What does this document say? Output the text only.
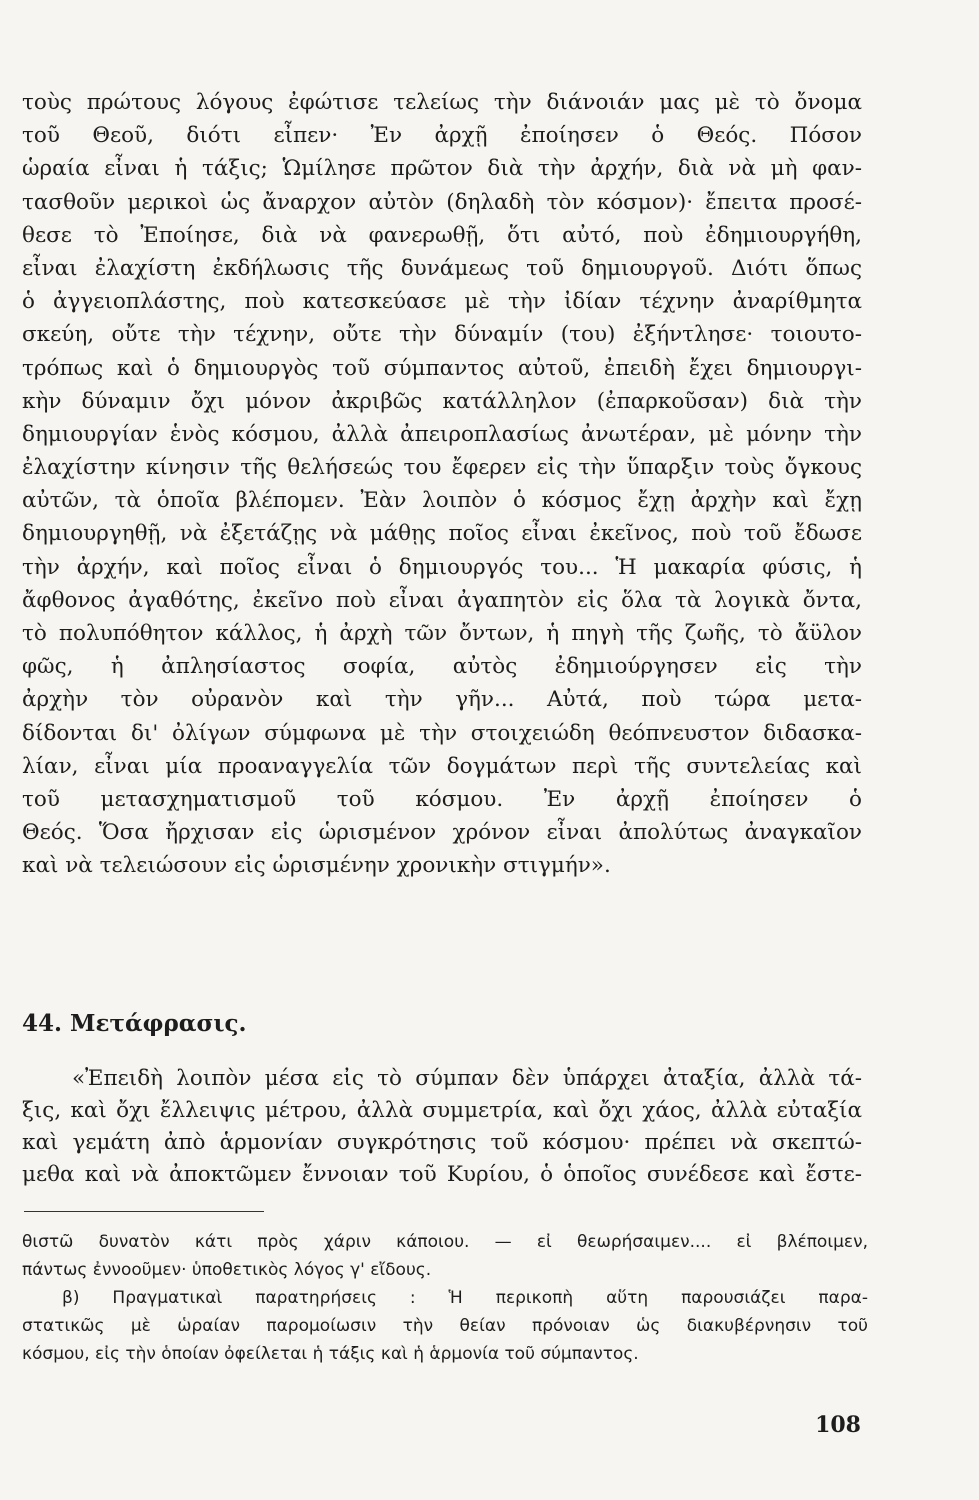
τοὺς πρώτους λόγους ἐφώτισε τελείως τὴν διάνοιάν μας μὲ τὸ ὄνομα
τοῦ Θεοῦ, διότι εἶπεν· Ἐν ἀρχῇ ἐποίησεν ὁ Θεός. Πόσον
ὡραία εἶναι ἡ τάξις; Ὡμίλησε πρῶτον διὰ τὴν ἀρχήν, διὰ νὰ μὴ φαν-
τασθοῦν μερικοὶ ὡς ἄναρχον αὐτὸν (δηλαδὴ τὸν κόσμον)· ἔπειτα προσέ-
θεσε τὸ Ἐποίησε, διὰ νὰ φανερωθῇ, ὅτι αὐτό, ποὺ ἐδημιουργήθη,
εἶναι ἐλαχίστη ἐκδήλωσις τῆς δυνάμεως τοῦ δημιουργοῦ. Διότι ὅπως
ὁ ἀγγειοπλάστης, ποὺ κατεσκεύασε μὲ τὴν ἰδίαν τέχνην ἀναρίθμητα
σκεύη, οὔτε τὴν τέχνην, οὔτε τὴν δύναμίν (του) ἐξήντλησε· τοιουτο-
τρόπως καὶ ὁ δημιουργὸς τοῦ σύμπαντος αὐτοῦ, ἐπειδὴ ἔχει δημιουργι-
κὴν δύναμιν ὄχι μόνον ἀκριβῶς κατάλληλον (ἐπαρκοῦσαν) διὰ τὴν
δημιουργίαν ἑνὸς κόσμου, ἀλλὰ ἀπειροπλασίως ἀνωτέραν, μὲ μόνην τὴν
ἐλαχίστην κίνησιν τῆς θελήσεώς του ἔφερεν εἰς τὴν ὕπαρξιν τοὺς ὄγκους
αὐτῶν, τὰ ὁποῖα βλέπομεν. Ἐὰν λοιπὸν ὁ κόσμος ἔχῃ ἀρχὴν καὶ ἔχῃ
δημιουργηθῇ, νὰ ἐξετάζῃς νὰ μάθῃς ποῖος εἶναι ἐκεῖνος, ποὺ τοῦ ἔδωσε
τὴν ἀρχήν, καὶ ποῖος εἶναι ὁ δημιουργός του... Ἡ μακαρία φύσις, ἡ
ἄφθονος ἀγαθότης, ἐκεῖνο ποὺ εἶναι ἀγαπητὸν εἰς ὅλα τὰ λογικὰ ὄντα,
τὸ πολυπόθητον κάλλος, ἡ ἀρχὴ τῶν ὄντων, ἡ πηγὴ τῆς ζωῆς, τὸ ἄϋλον
φῶς, ἡ ἀπλησίαστος σοφία, αὐτὸς ἐδημιούργησεν εἰς τὴν
ἀρχὴν τὸν οὐρανὸν καὶ τὴν γῆν... Αὐτά, ποὺ τώρα μετα-
δίδονται δι' ὀλίγων σύμφωνα μὲ τὴν στοιχειώδη θεόπνευστον διδασκα-
λίαν, εἶναι μία προαναγγελία τῶν δογμάτων περὶ τῆς συντελείας καὶ
τοῦ μετασχηματισμοῦ τοῦ κόσμου. Ἐν ἀρχῇ ἐποίησεν ὁ
Θεός. Ὅσα ἤρχισαν εἰς ὡρισμένον χρόνον εἶναι ἀπολύτως ἀναγκαῖον
καὶ νὰ τελειώσουν εἰς ὡρισμένην χρονικὴν στιγμήν».
44. Μετάφρασις.
«Ἐπειδὴ λοιπὸν μέσα εἰς τὸ σύμπαν δὲν ὑπάρχει ἀταξία, ἀλλὰ τά-
ξις, καὶ ὄχι ἔλλειψις μέτρου, ἀλλὰ συμμετρία, καὶ ὄχι χάος, ἀλλὰ εὐταξία
καὶ γεμάτη ἀπὸ ἁρμονίαν συγκρότησις τοῦ κόσμου· πρέπει νὰ σκεπτώ-
μεθα καὶ νὰ ἀποκτῶμεν ἔννοιαν τοῦ Κυρίου, ὁ ὁποῖος συνέδεσε καὶ ἔστε-
θιστῶ δυνατὸν κάτι πρὸς χάριν κάποιου. — εἰ θεωρήσαιμεν.... εἰ βλέποιμεν,
πάντως ἐννοοῦμεν· ὑποθετικὸς λόγος γ' εἴδους.
β) Πραγματικαὶ παρατηρήσεις : Ἡ περικοπὴ αὕτη παρουσιάζει παρα-
στατικῶς μὲ ὡραίαν παρομοίωσιν τὴν θείαν πρόνοιαν ὡς διακυβέρνησιν τοῦ
κόσμου, εἰς τὴν ὁποίαν ὀφείλεται ἡ τάξις καὶ ἡ ἁρμονία τοῦ σύμπαντος.
108
